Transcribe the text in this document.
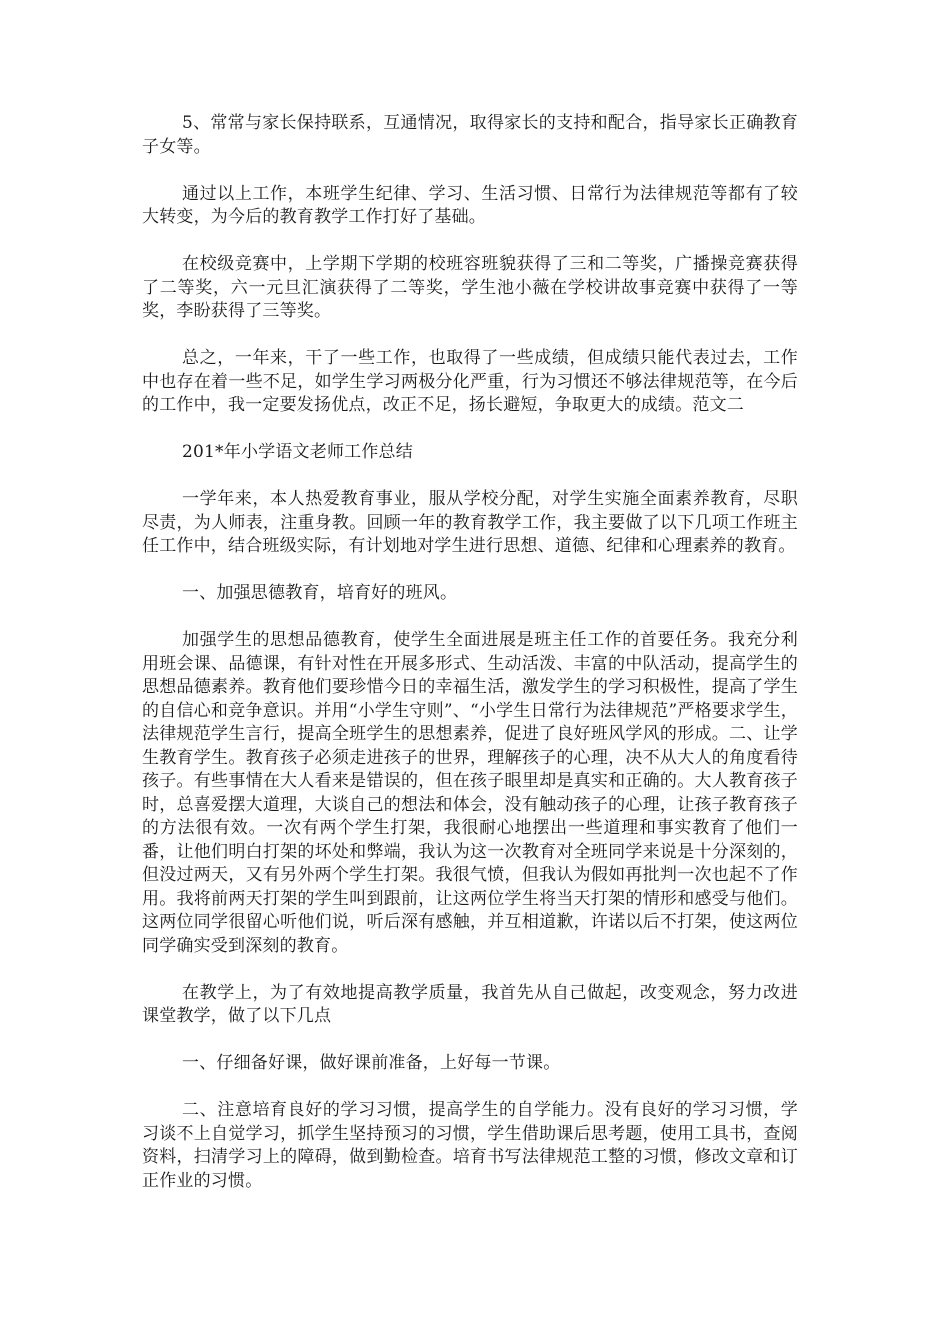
5、常常与家长保持联系，互通情况，取得家长的支持和配合，指导家长正确教育子女等。

通过以上工作，本班学生纪律、学习、生活习惯、日常行为法律规范等都有了较大转变，为今后的教育教学工作打好了基础。

在校级竞赛中，上学期下学期的校班容班貌获得了三和二等奖，广播操竞赛获得了二等奖，六一元旦汇演获得了二等奖，学生池小薇在学校讲故事竞赛中获得了一等奖，李盼获得了三等奖。

总之，一年来，干了一些工作，也取得了一些成绩，但成绩只能代表过去，工作中也存在着一些不足，如学生学习两极分化严重，行为习惯还不够法律规范等，在今后的工作中，我一定要发扬优点，改正不足，扬长避短，争取更大的成绩。范文二

201*年小学语文老师工作总结

一学年来，本人热爱教育事业，服从学校分配，对学生实施全面素养教育，尽职尽责，为人师表，注重身教。回顾一年的教育教学工作，我主要做了以下几项工作班主任工作中，结合班级实际，有计划地对学生进行思想、道德、纪律和心理素养的教育。

一、加强思德教育，培育好的班风。

加强学生的思想品德教育，使学生全面进展是班主任工作的首要任务。我充分利用班会课、品德课，有针对性在开展多形式、生动活泼、丰富的中队活动，提高学生的思想品德素养。教育他们要珍惜今日的幸福生活，激发学生的学习积极性，提高了学生的自信心和竞争意识。并用“小学生守则”、“小学生日常行为法律规范”严格要求学生，法律规范学生言行，提高全班学生的思想素养，促进了良好班风学风的形成。二、让学生教育学生。教育孩子必须走进孩子的世界，理解孩子的心理，决不从大人的角度看待孩子。有些事情在大人看来是错误的，但在孩子眼里却是真实和正确的。大人教育孩子时，总喜爱摆大道理，大谈自己的想法和体会，没有触动孩子的心理，让孩子教育孩子的方法很有效。一次有两个学生打架，我很耐心地摆出一些道理和事实教育了他们一番，让他们明白打架的坏处和弊端，我认为这一次教育对全班同学来说是十分深刻的，但没过两天，又有另外两个学生打架。我很气愤，但我认为假如再批判一次也起不了作用。我将前两天打架的学生叫到跟前，让这两位学生将当天打架的情形和感受与他们。这两位同学很留心听他们说，听后深有感触，并互相道歉，许诺以后不打架，使这两位同学确实受到深刻的教育。

在教学上，为了有效地提高教学质量，我首先从自己做起，改变观念，努力改进课堂教学，做了以下几点

一、仔细备好课，做好课前准备，上好每一节课。

二、注意培育良好的学习习惯，提高学生的自学能力。没有良好的学习习惯，学习谈不上自觉学习，抓学生坚持预习的习惯，学生借助课后思考题，使用工具书，查阅资料，扫清学习上的障碍，做到勤检查。培育书写法律规范工整的习惯，修改文章和订正作业的习惯。
